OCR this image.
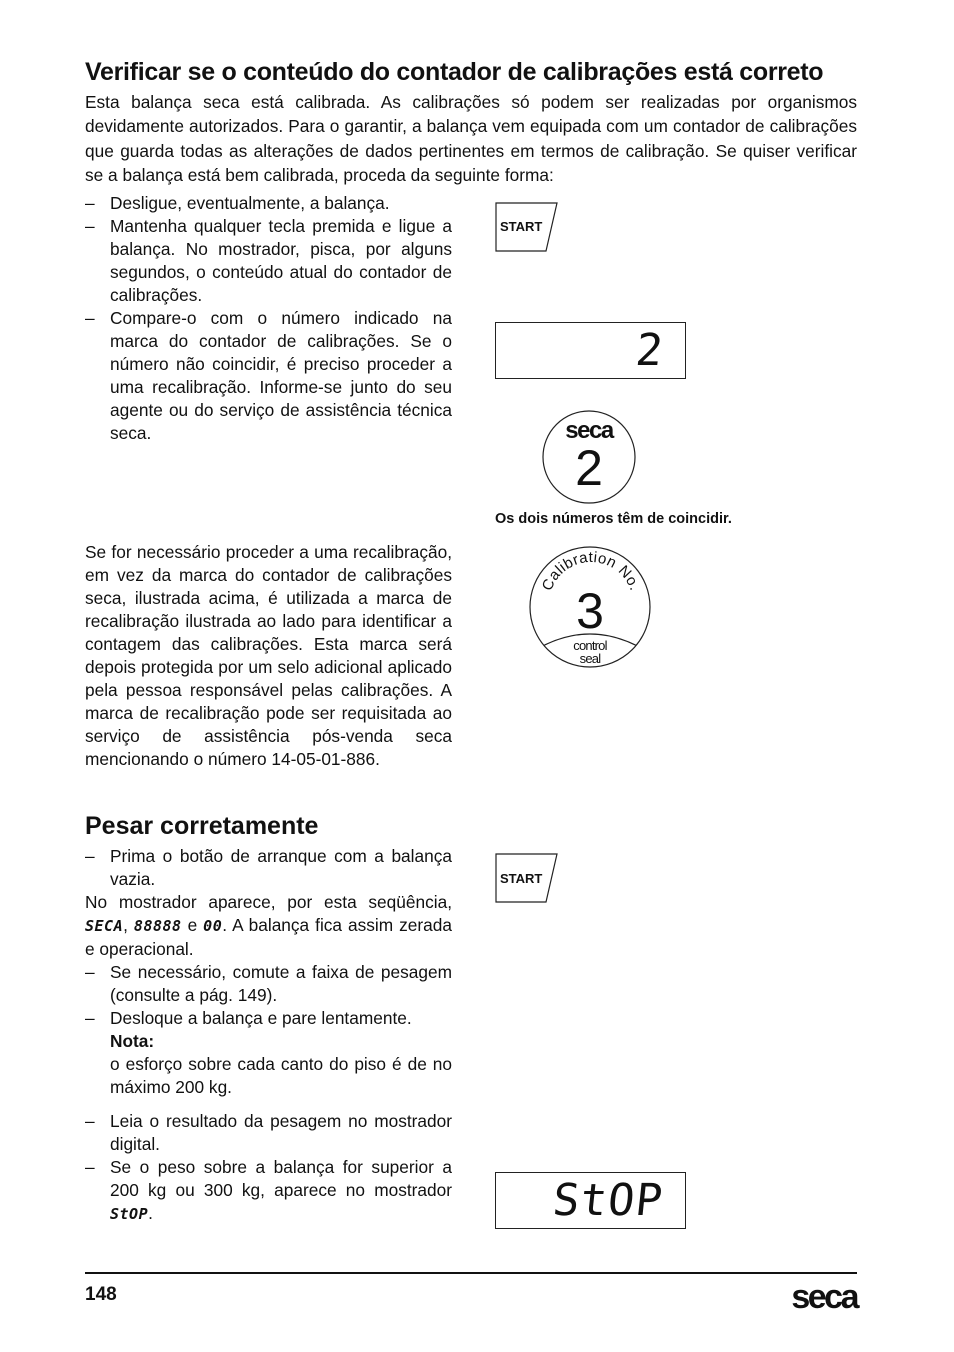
Verificar se o conteúdo do contador de calibrações está correto

Esta balança seca está calibrada. As calibrações só podem ser realizadas por organismos devidamente autorizados. Para o garantir, a balança vem equipada com um contador de calibrações que guarda todas as alterações de dados pertinentes em termos de calibração. Se quiser verificar se a balança está bem calibrada, proceda da seguinte forma:

– Desligue, eventualmente, a balança.
– Mantenha qualquer tecla premida e ligue a balança. No mostrador, pisca, por alguns segundos, o conteúdo atual do contador de calibrações.
– Compare-o com o número indicado na marca do contador de calibrações. Se o número não coincidir, é preciso proceder a uma recalibração. Informe-se junto do seu agente ou do serviço de assistência técnica seca.

Se for necessário proceder a uma recalibração, em vez da marca do contador de calibrações seca, ilustrada acima, é utilizada a marca de recalibração ilustrada ao lado para identificar a contagem das calibrações. Esta marca será depois protegida por um selo adicional aplicado pela pessoa responsável pelas calibrações. A marca de recalibração pode ser requisitada ao serviço de assistência pós-venda seca mencionando o número 14-05-01-886.

Pesar corretamente
– Prima o botão de arranque com a balança vazia.

No mostrador aparece, por esta seqüência, SECA, 88888 e 00. A balança fica assim zerada e operacional.

– Se necessário, comute a faixa de pesagem (consulte a pág. 149).
– Desloque a balança e pare lentamente.
Nota:
o esforço sobre cada canto do piso é de no máximo 200 kg.
– Leia o resultado da pesagem no mostrador digital.
– Se o peso sobre a balança for superior a 200 kg ou 300 kg, aparece no mostrador StOP.
START
2
seca
2
Os dois números têm de coincidir.
Calibration No.
3
control
seal
START
StOP
148	seca
